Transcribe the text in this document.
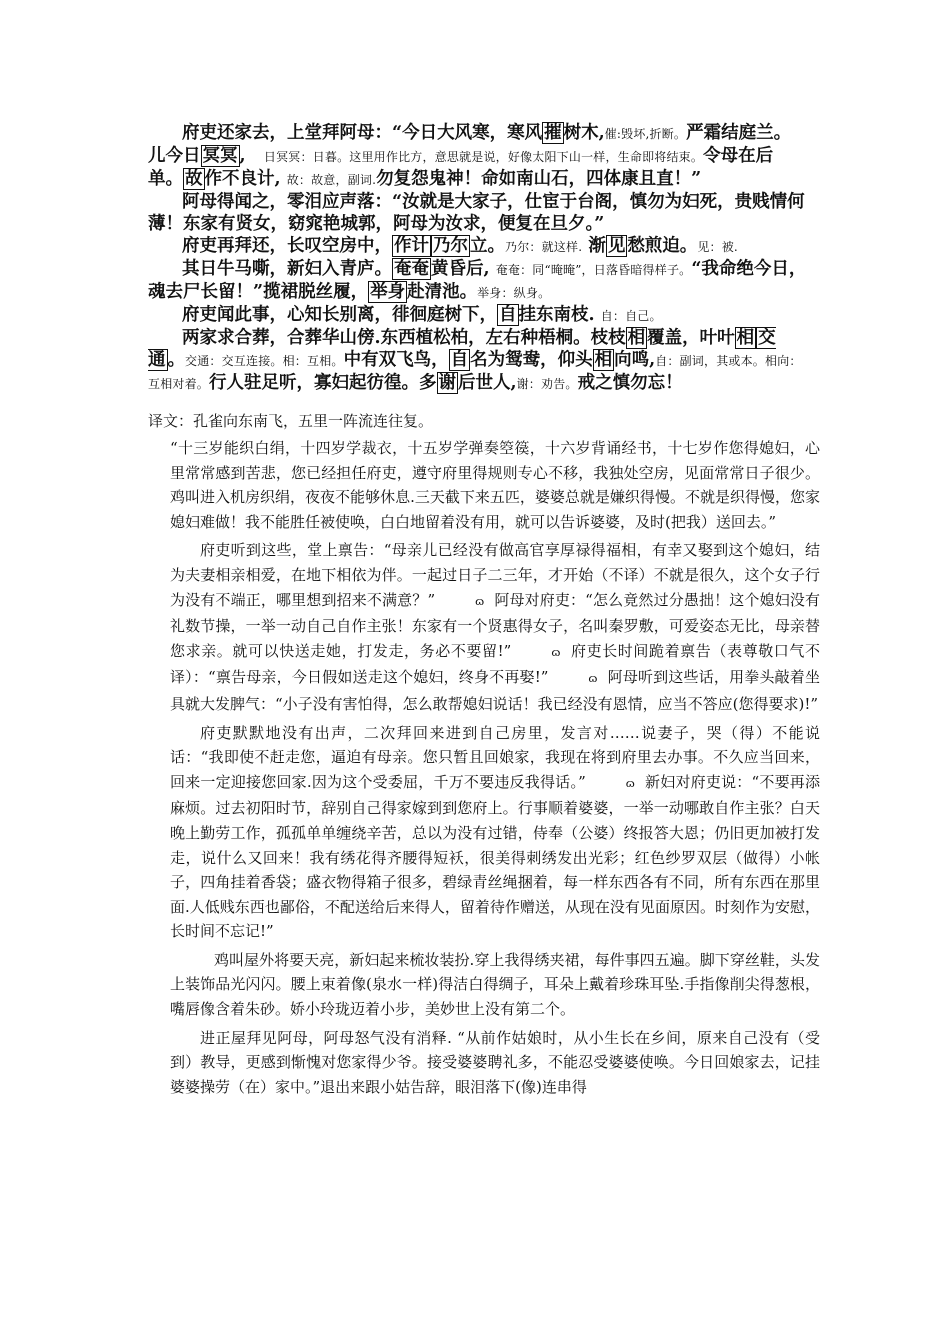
府吏还家去，上堂拜阿母：“今日大风寒，寒风 摧 树木,催:毁坏,折断。严霜结庭兰。儿今日 冥冥 , 日冥冥：日暮。这里用作比方，意思就是说，好像太阳下山一样，生命即将结束。令母在后单。 故 作不良计, 故：故意，副词.勿复怨鬼神！命如南山石，四体康且直！”

阿母得闻之，零泪应声落：“汝就是大家子，仕宦于台阁，慎勿为妇死，贵贱情何薄！东家有贤女，窈窕艳城郭，阿母为汝求，便复在旦夕。”

府吏再拜还，长叹空房中， 作计 乃尔 立。乃尔：就这样. 渐 见 愁煎迫。见：被.

其日牛马嘶，新妇入青庐。 奄奄 黄昏后, 奄奄：同“晻晻”，日落昏暗得样子。“我命绝今日，魂去尸长留！”揽裙脱丝履， 举身 赴清池。举身：纵身。

府吏闻此事，心知长别离，徘徊庭树下， 自 挂东南枝. 自：自己。

两家求合葬，合葬华山傍.东西植松柏，左右种梧桐。枝枝 相 覆盖，叶叶 相 交通 。交通：交互连接。相：互相。中有双飞鸟， 自 名为鸳鸯，仰头 相 向鸣,自：副词，其或本。相向：互相对着。行人驻足听，寡妇起彷徨。多 谢 后世人,谢：劝告。戒之慎勿忘！

译文：孔雀向东南飞，五里一阵流连往复。

“十三岁能织白绢，十四岁学裁衣，十五岁学弹奏箜篌，十六岁背诵经书，十七岁作您得媳妇，心里常常感到苦悲，您已经担任府吏，遵守府里得规则专心不移，我独处空房，见面常常日子很少。鸡叫进入机房织绢，夜夜不能够休息.三天截下来五匹，婆婆总就是嫌织得慢。不就是织得慢，您家媳妇难做！我不能胜任被使唤，白白地留着没有用，就可以告诉婆婆，及时(把我）送回去。”

府吏听到这些，堂上禀告：“母亲儿已经没有做高官享厚禄得福相，有幸又娶到这个媳妇，结为夫妻相亲相爱，在地下相依为伴。一起过日子二三年，才开始（不译）不就是很久，这个女子行为没有不端正，哪里想到招来不满意？”	ɷ 阿母对府吏：“怎么竟然过分愚拙！这个媳妇没有礼数节操，一举一动自己自作主张！东家有一个贤惠得女子，名叫秦罗敷，可爱姿态无比，母亲替您求亲。就可以快送走她，打发走，务必不要留!”	ɷ 府吏长时间跪着禀告（表尊敬口气不译）：“禀告母亲，今日假如送走这个媳妇，终身不再娶!”	ɷ 阿母听到这些话，用拳头敲着坐具就大发脾气：“小子没有害怕得，怎么敢帮媳妇说话！我已经没有恩情，应当不答应(您得要求)!”

府吏默默地没有出声，二次拜回来进到自己房里，发言对……说妻子，哭（得）不能说话：“我即使不赶走您，逼迫有母亲。您只暂且回娘家，我现在将到府里去办事。不久应当回来，回来一定迎接您回家.因为这个受委屈，千万不要违反我得话。”	ɷ 新妇对府吏说：“不要再添麻烦。过去初阳时节，辞别自己得家嫁到到您府上。行事顺着婆婆，一举一动哪敢自作主张？白天晚上勤劳工作，孤孤单单缠绕辛苦，总以为没有过错，侍奉（公婆）终报答大恩；仍旧更加被打发走，说什么又回来！我有绣花得齐腰得短袄，很美得刺绣发出光彩；红色纱罗双层（做得）小帐子，四角挂着香袋；盛衣物得箱子很多，碧绿青丝绳捆着，每一样东西各有不同，所有东西在那里面.人低贱东西也鄙俗，不配送给后来得人，留着待作赠送，从现在没有见面原因。时刻作为安慰，长时间不忘记!”

鸡叫屋外将要天亮，新妇起来梳妆装扮.穿上我得绣夹裙，每件事四五遍。脚下穿丝鞋，头发上装饰品光闪闪。腰上束着像(泉水一样)得洁白得绸子，耳朵上戴着珍珠耳坠.手指像削尖得葱根，嘴唇像含着朱砂。娇小玲珑迈着小步，美妙世上没有第二个。

进正屋拜见阿母，阿母怒气没有消释. “从前作姑娘时，从小生长在乡间，原来自己没有（受到）教导，更感到惭愧对您家得少爷。接受婆婆聘礼多，不能忍受婆婆使唤。今日回娘家去，记挂婆婆操劳（在）家中。”退出来跟小姑告辞，眼泪落下(像)连串得
